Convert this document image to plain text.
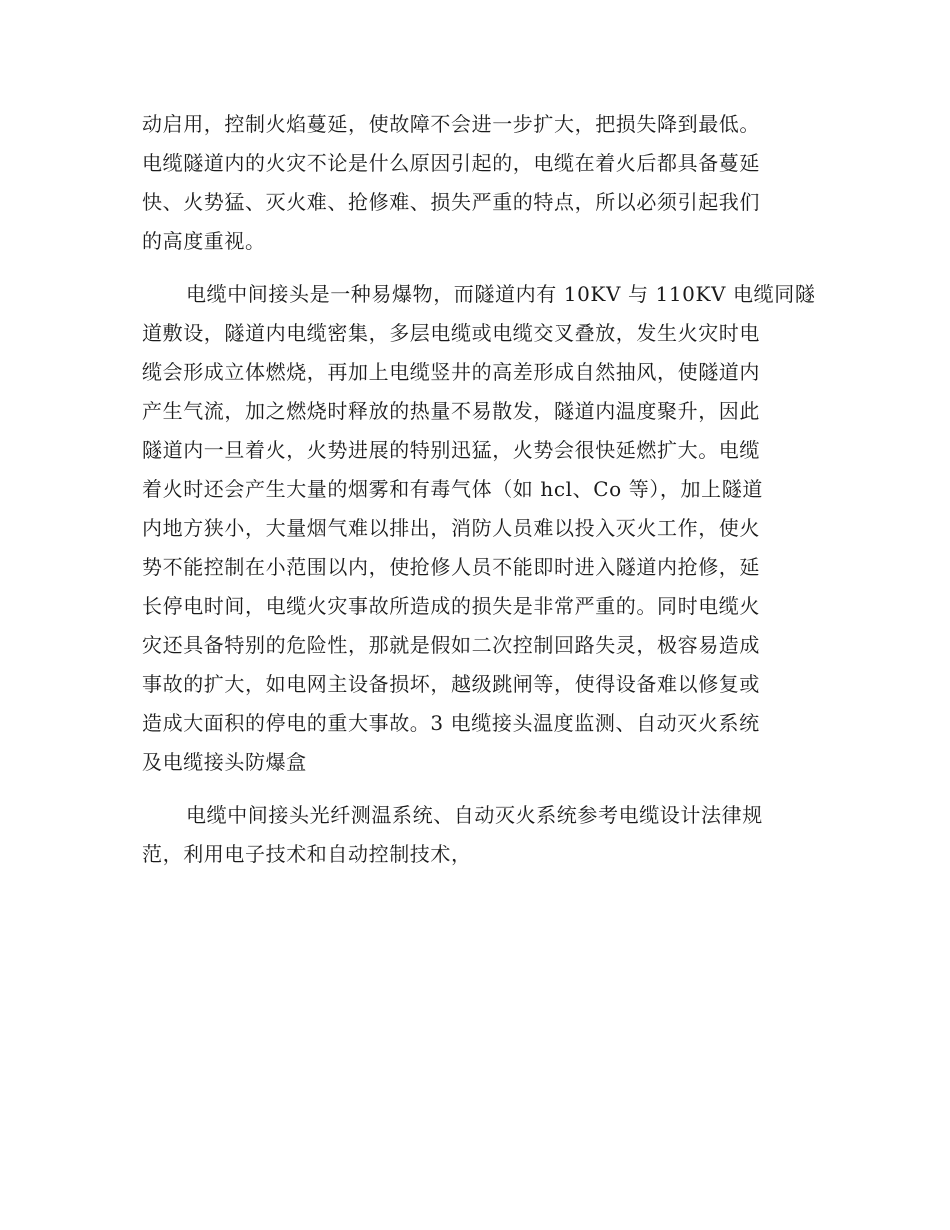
动启用，控制火焰蔓延，使故障不会进一步扩大，把损失降到最低。
电缆隧道内的火灾不论是什么原因引起的，电缆在着火后都具备蔓延
快、火势猛、灭火难、抢修难、损失严重的特点，所以必须引起我们
的高度重视。

电缆中间接头是一种易爆物，而隧道内有 10KV 与 110KV 电缆同隧
道敷设，隧道内电缆密集，多层电缆或电缆交叉叠放，发生火灾时电
缆会形成立体燃烧，再加上电缆竖井的高差形成自然抽风，使隧道内
产生气流，加之燃烧时释放的热量不易散发，隧道内温度聚升，因此
隧道内一旦着火，火势进展的特别迅猛，火势会很快延燃扩大。电缆
着火时还会产生大量的烟雾和有毒气体（如 hcl、Co 等），加上隧道
内地方狭小，大量烟气难以排出，消防人员难以投入灭火工作，使火
势不能控制在小范围以内，使抢修人员不能即时进入隧道内抢修，延
长停电时间，电缆火灾事故所造成的损失是非常严重的。同时电缆火
灾还具备特别的危险性，那就是假如二次控制回路失灵，极容易造成
事故的扩大，如电网主设备损坏，越级跳闸等，使得设备难以修复或
造成大面积的停电的重大事故。3 电缆接头温度监测、自动灭火系统
及电缆接头防爆盒

电缆中间接头光纤测温系统、自动灭火系统参考电缆设计法律规
范，利用电子技术和自动控制技术，
